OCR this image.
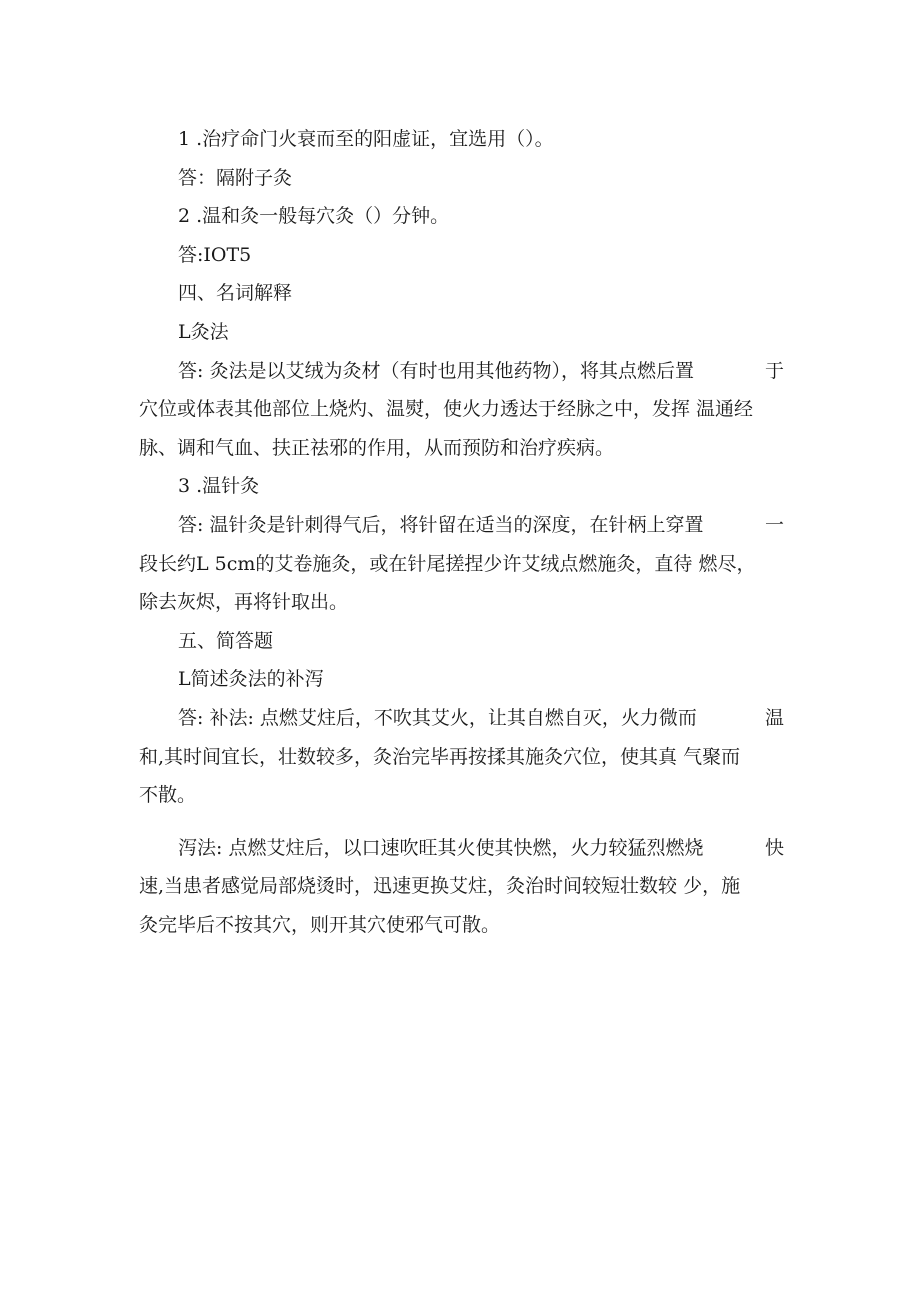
1 .治疗命门火衰而至的阳虚证，宜选用（）。

答：隔附子灸

2 .温和灸一般每穴灸（）分钟。

答:IOT5

四、名词解释

L灸法

答: 灸法是以艾绒为灸材（有时也用其他药物），将其点燃后置	于

穴位或体表其他部位上烧灼、温熨，使火力透达于经脉之中，发挥 温通经

脉、调和气血、扶正祛邪的作用，从而预防和治疗疾病。

3 .温针灸

答: 温针灸是针刺得气后，将针留在适当的深度，在针柄上穿置	一

段长约L 5cm的艾卷施灸，或在针尾搓捏少许艾绒点燃施灸，直待 燃尽，

除去灰烬，再将针取出。

五、简答题

L简述灸法的补泻

答: 补法: 点燃艾炷后，不吹其艾火，让其自燃自灭，火力微而	温

和,其时间宜长，壮数较多，灸治完毕再按揉其施灸穴位，使其真 气聚而

不散。

泻法: 点燃艾炷后，以口速吹旺其火使其快燃，火力较猛烈燃烧	快

速,当患者感觉局部烧烫时，迅速更换艾炷，灸治时间较短壮数较 少，施

灸完毕后不按其穴，则开其穴使邪气可散。
